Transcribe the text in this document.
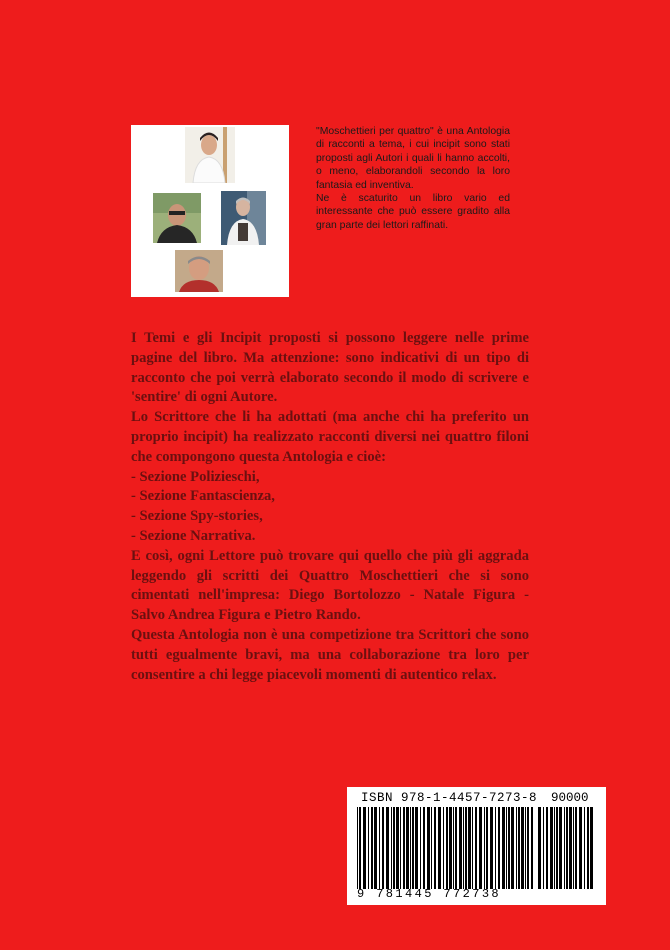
"Moschettieri per quattro" è una Antologia di racconti a tema, i cui incipit sono stati proposti agli Autori i quali li hanno accolti, o meno, elaborandoli secondo la loro fantasia ed inventiva.

Ne è scaturito un libro vario ed interessante che può essere gradito alla gran parte dei lettori raffinati.

I Temi e gli Incipit proposti si possono leggere nelle prime pagine del libro. Ma attenzione: sono indicativi di un tipo di racconto che poi verrà elaborato secondo il modo di scrivere e 'sentire' di ogni Autore.

Lo Scrittore che li ha adottati (ma anche chi ha preferito un proprio incipit) ha realizzato racconti diversi nei quattro filoni che compongono questa Antologia e cioè:

- Sezione Polizieschi,

- Sezione Fantascienza,

- Sezione Spy-stories,

- Sezione Narrativa.

E così, ogni Lettore può trovare qui quello che più gli aggrada leggendo gli scritti dei Quattro Moschettieri che si sono cimentati nell'impresa: Diego Bortolozzo - Natale Figura - Salvo Andrea Figura e Pietro Rando.

Questa Antologia non è una competizione tra Scrittori che sono tutti egualmente bravi, ma una collaborazione tra loro per consentire a chi legge piacevoli momenti di autentico relax.

ISBN 978-1-4457-7273-8 90000
9 781445 772738
